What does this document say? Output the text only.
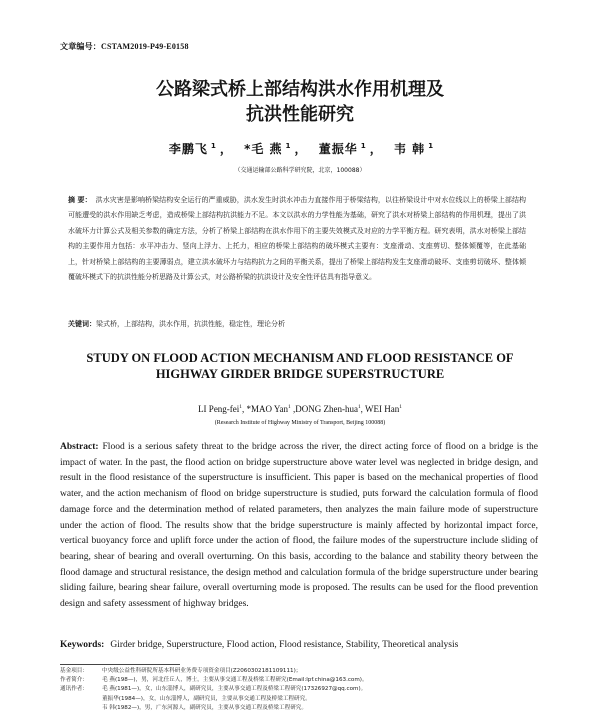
文章编号：CSTAM2019-P49-E0158
公路梁式桥上部结构洪水作用机理及
抗洪性能研究
李鹏飞 $^1$ ， *毛 燕 $^1$ ， 董振华 $^1$ ， 韦 韩 $^1$
（交通运输部公路科学研究院，北京，100088）
摘 要： 洪水灾害是影响桥梁结构安全运行的严重威胁，洪水发生时洪水冲击力直接作用于桥梁结构，以往桥梁设计中对水位线以上的桥梁上部结构可能遭受的洪水作用缺乏考虑，造成桥梁上部结构抗洪能力不足。本文以洪水的力学性能为基础，研究了洪水对桥梁上部结构的作用机理，提出了洪水破坏力计算公式及相关参数的确定方法，分析了桥梁上部结构在洪水作用下的主要失效模式及对应的力学平衡方程。研究表明，洪水对桥梁上部结构的主要作用力包括：水平冲击力、竖向上浮力、上托力，相应的桥梁上部结构的破坏模式主要有：支座滑动、支座剪切、整体倾覆等，在此基础上，针对桥梁上部结构的主要薄弱点，建立洪水破坏力与结构抗力之间的平衡关系，提出了桥梁上部结构发生支座滑动破坏、支座剪切破坏、整体倾覆破坏模式下的抗洪性能分析思路及计算公式，对公路桥梁的抗洪设计及安全性评估具有指导意义。
关键词：梁式桥，上部结构，洪水作用，抗洪性能，稳定性，理论分析
STUDY ON FLOOD ACTION MECHANISM AND FLOOD RESISTANCE OF
HIGHWAY GIRDER BRIDGE SUPERSTRUCTURE
LI Peng-fei$^1$, *MAO Yan$^1$ ,DONG Zhen-hua$^1$, WEI Han$^1$
(Research Institute of Highway Ministry of Transport, Beijing 100088)
Abstract: Flood is a serious safety threat to the bridge across the river, the direct acting force of flood on a bridge is the impact of water. In the past, the flood action on bridge superstructure above water level was neglected in bridge design, and result in the flood resistance of the superstructure is insufficient. This paper is based on the mechanical properties of flood water, and the action mechanism of flood on bridge superstructure is studied, puts forward the calculation formula of flood damage force and the determination method of related parameters, then analyzes the main failure mode of superstructure under the action of flood. The results show that the bridge superstructure is mainly affected by horizontal impact force, vertical buoyancy force and uplift force under the action of flood, the failure modes of the superstructure include sliding of bearing, shear of bearing and overall overturning. On this basis, according to the balance and stability theory between the flood damage and structural resistance, the design method and calculation formula of the bridge superstructure under bearing sliding failure, bearing shear failure, overall overturning mode is proposed. The results can be used for the flood prevention design and safety assessment of highway bridges.
Keywords: Girder bridge, Superstructure, Flood action, Flood resistance, Stability, Theoretical analysis
基金项目：	中央级公益性科研院所基本科研业务费专项资金项目(Z2060302181109111)；
作者简介：	毛 燕(198—)，男，河北任丘人，博士，主要从事交通工程及桥梁工程研究(Email:lpf.china@163.com)。
通讯作者：	毛 燕(1981—)，女，山东淄博人，副研究员，主要从事交通工程及桥梁工程研究(17326927@qq.com)。
董振华(1984—)，女，山东淄博人，副研究员，主要从事交通工程及桥梁工程研究。
韦 韩(1982—)，男，广东河源人，副研究员，主要从事交通工程及桥梁工程研究。
